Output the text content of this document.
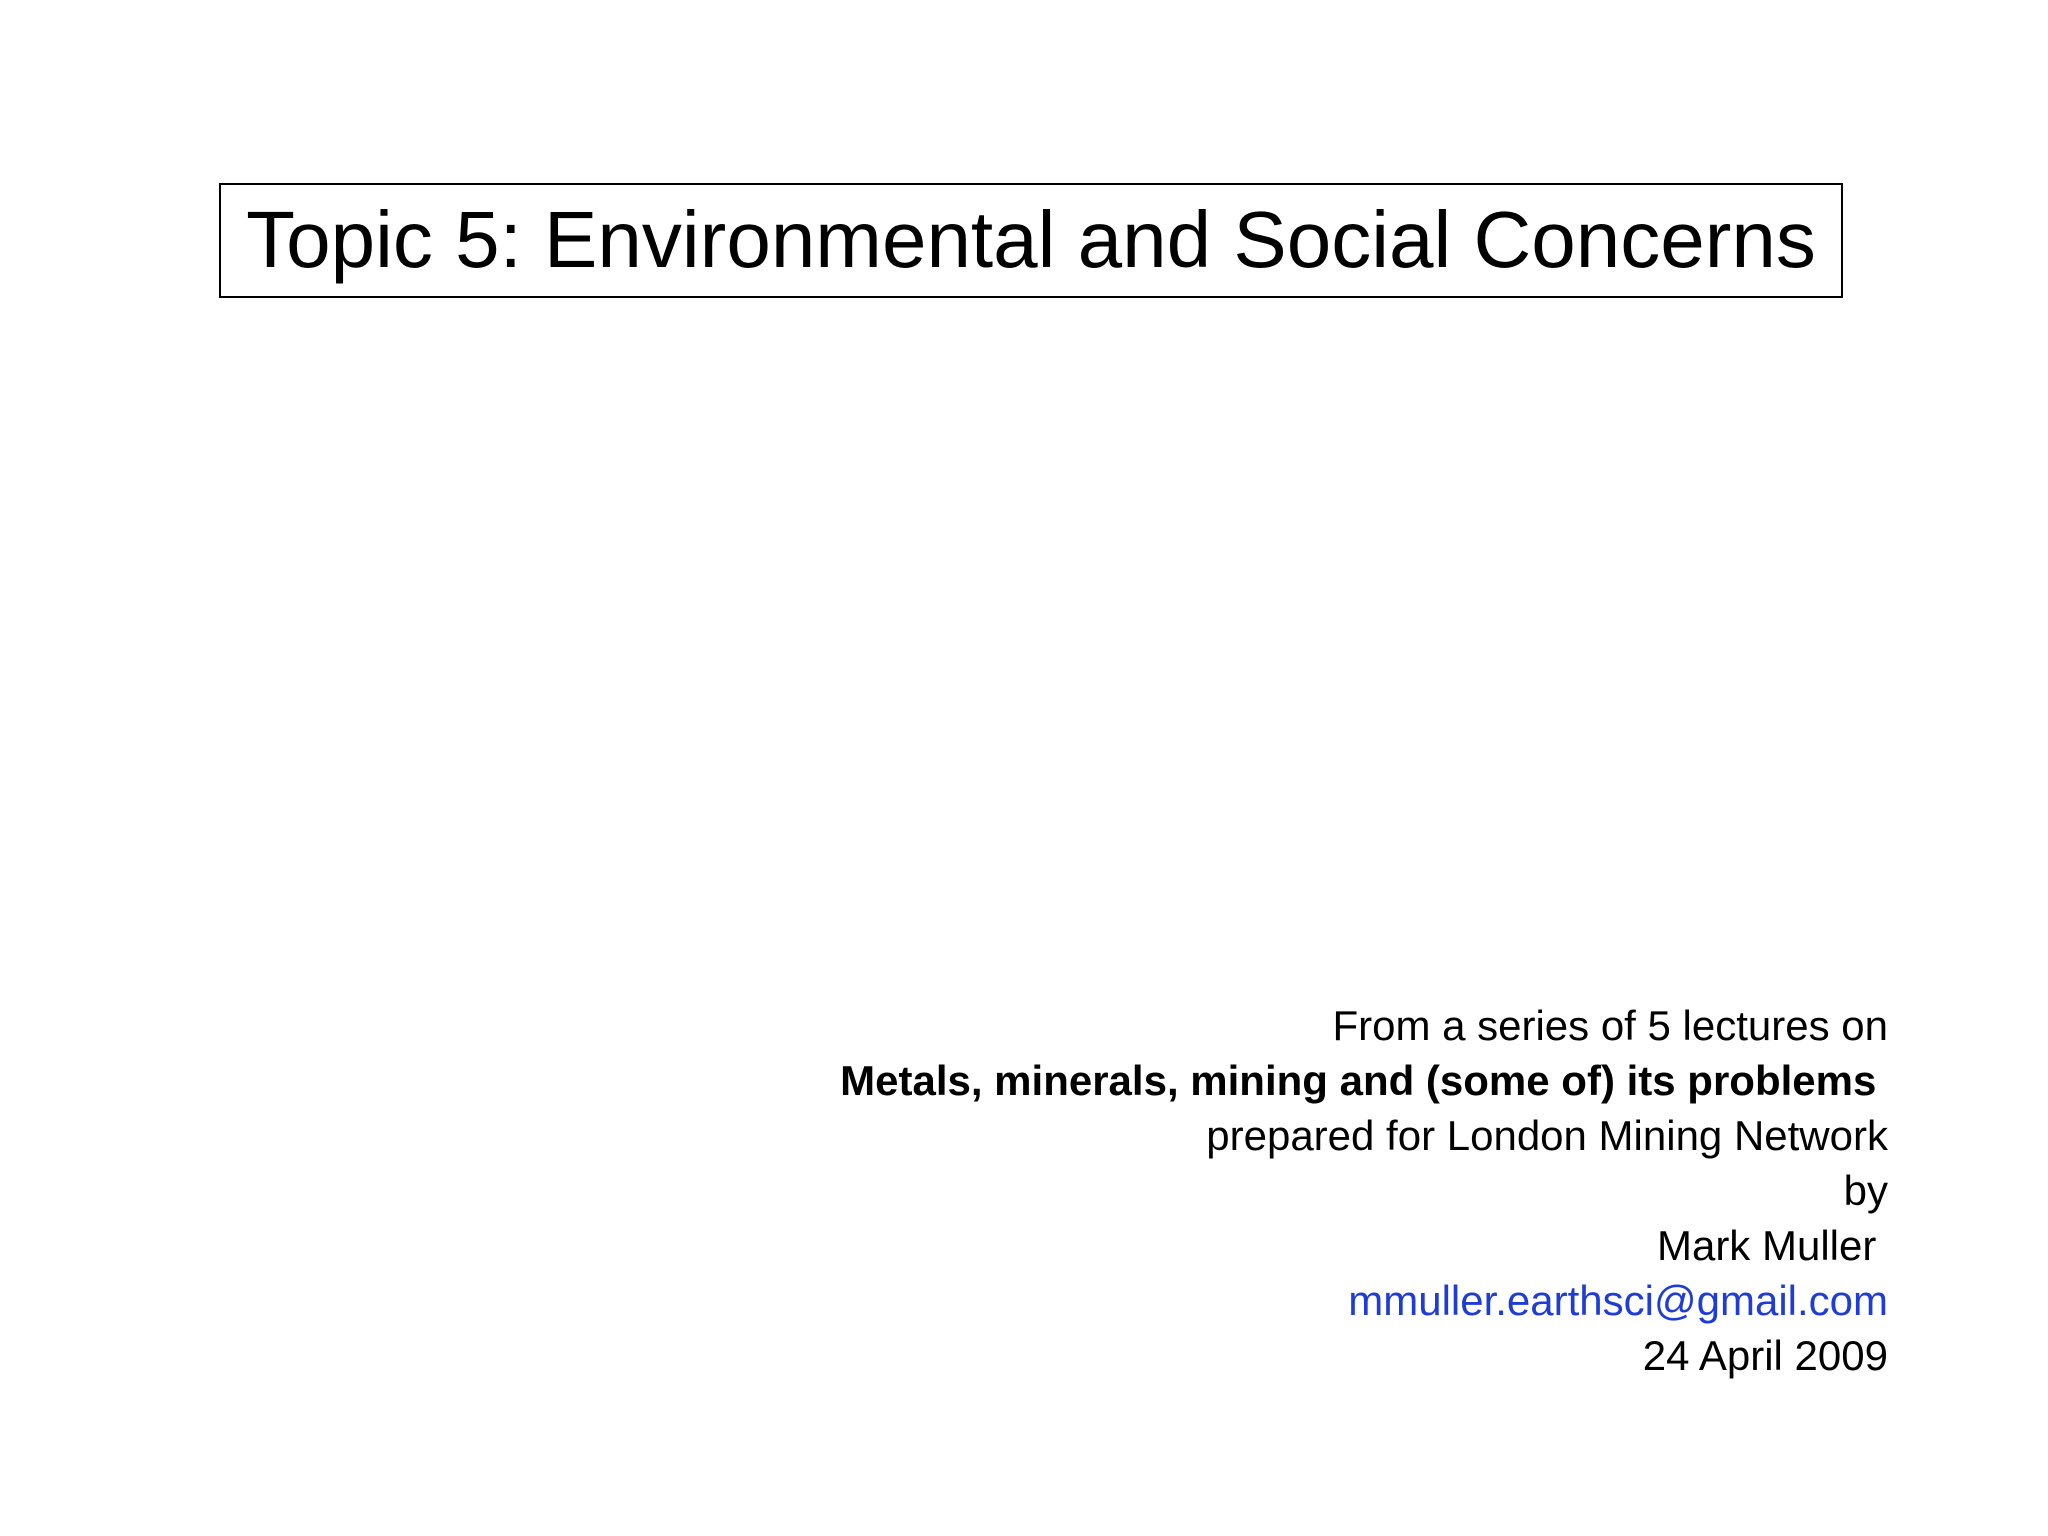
Topic 5: Environmental and Social Concerns
From a series of 5 lectures on
Metals, minerals, mining and (some of) its problems
prepared for London Mining Network
by
Mark Muller
mmuller.earthsci@gmail.com
24 April 2009
